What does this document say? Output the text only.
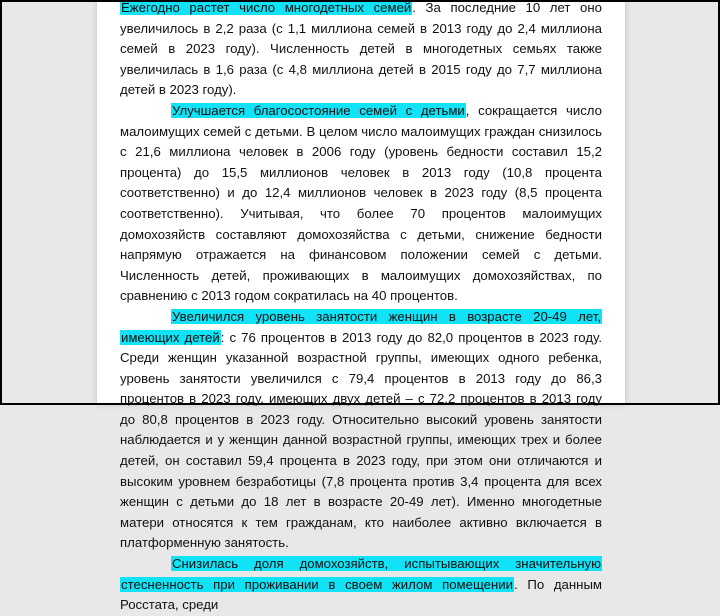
Ежегодно растет число многодетных семей. За последние 10 лет оно увеличилось в 2,2 раза (с 1,1 миллиона семей в 2013 году до 2,4 миллиона семей в 2023 году). Численность детей в многодетных семьях также увеличилась в 1,6 раза (с 4,8 миллиона детей в 2015 году до 7,7 миллиона детей в 2023 году).

Улучшается благосостояние семей с детьми, сокращается число малоимущих семей с детьми. В целом число малоимущих граждан снизилось с 21,6 миллиона человек в 2006 году (уровень бедности составил 15,2 процента) до 15,5 миллионов человек в 2013 году (10,8 процента соответственно) и до 12,4 миллионов человек в 2023 году (8,5 процента соответственно). Учитывая, что более 70 процентов малоимущих домохозяйств составляют домохозяйства с детьми, снижение бедности напрямую отражается на финансовом положении семей с детьми. Численность детей, проживающих в малоимущих домохозяйствах, по сравнению с 2013 годом сократилась на 40 процентов.

Увеличился уровень занятости женщин в возрасте 20-49 лет, имеющих детей: с 76 процентов в 2013 году до 82,0 процентов в 2023 году. Среди женщин указанной возрастной группы, имеющих одного ребенка, уровень занятости увеличился с 79,4 процентов в 2013 году до 86,3 процентов в 2023 году, имеющих двух детей – с 72,2 процентов в 2013 году до 80,8 процентов в 2023 году. Относительно высокий уровень занятости наблюдается и у женщин данной возрастной группы, имеющих трех и более детей, он составил 59,4 процента в 2023 году, при этом они отличаются и высоким уровнем безработицы (7,8 процента против 3,4 процента для всех женщин с детьми до 18 лет в возрасте 20-49 лет). Именно многодетные матери относятся к тем гражданам, кто наиболее активно включается в платформенную занятость.

Снизилась доля домохозяйств, испытывающих значительную стесненность при проживании в своем жилом помещении. По данным Росстата, среди
